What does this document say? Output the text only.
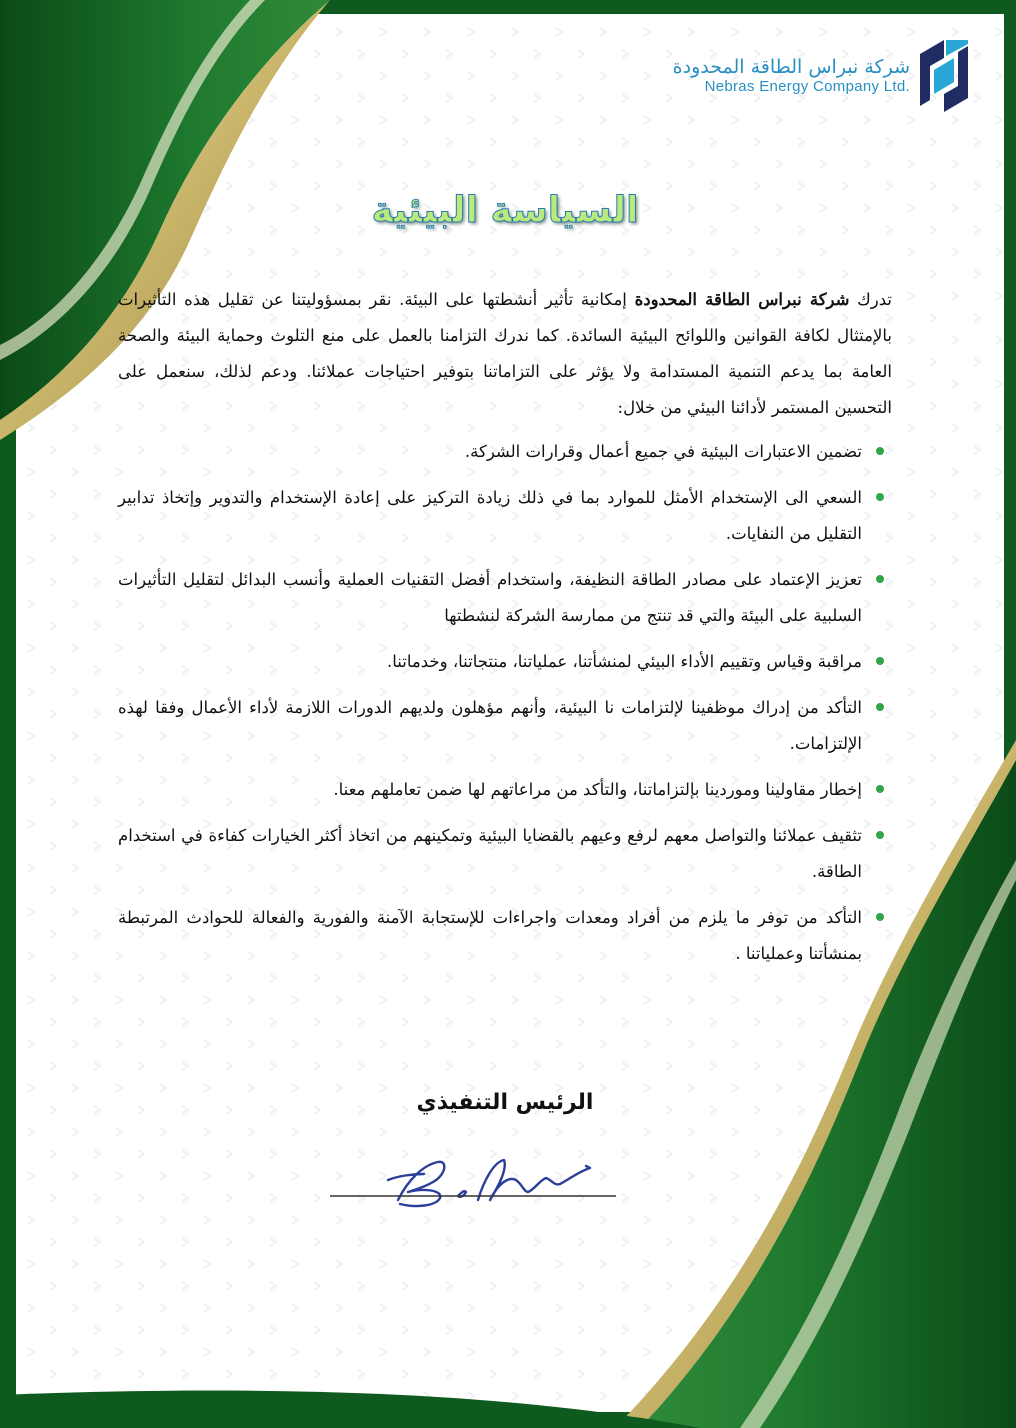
شركة نبراس الطاقة المحدودة
Nebras Energy Company Ltd.
السياسة البيئية

تدرك شركة نبراس الطاقة المحدودة إمكانية تأثير أنشطتها على البيئة. نقر بمسؤوليتنا عن تقليل هذه التأثيرات بالإمتثال لكافة القوانين واللوائح البيئية السائدة. كما ندرك التزامنا بالعمل على منع التلوث وحماية البيئة والصحة العامة بما يدعم التنمية المستدامة ولا يؤثر على التزاماتنا بتوفير احتياجات عملائنا. ودعم لذلك، سنعمل على التحسين المستمر لأدائنا البيئي من خلال:

تضمين الاعتبارات البيئية في جميع أعمال وقرارات الشركة.
السعي الى الإستخدام الأمثل للموارد بما في ذلك زيادة التركيز على إعادة الإستخدام والتدوير وإتخاذ تدابير التقليل من النفايات.
تعزيز الإعتماد على مصادر الطاقة النظيفة، واستخدام أفضل التقنيات العملية وأنسب البدائل لتقليل التأثيرات السلبية على البيئة والتي قد تنتج من ممارسة الشركة لنشطتها
مراقبة وقياس وتقييم الأداء البيئي لمنشأتنا، عملياتنا، منتجاتنا، وخدماتنا.
التأكد من إدراك موظفينا لإلتزامات نا البيئية، وأنهم مؤهلون ولديهم الدورات اللازمة لأداء الأعمال وفقا لهذه الإلتزامات.
إخطار مقاولينا وموردينا بإلتزاماتنا، والتأكد من مراعاتهم لها ضمن تعاملهم معنا.
تثقيف عملائنا والتواصل معهم لرفع وعيهم بالقضايا البيئية وتمكينهم من اتخاذ أكثر الخيارات كفاءة في استخدام الطاقة.
التأكد من توفر ما يلزم من أفراد ومعدات واجراءات للإستجابة الآمنة والفورية والفعالة للحوادث المرتبطة بمنشأتنا وعملياتنا .
الرئيس التنفيذي
